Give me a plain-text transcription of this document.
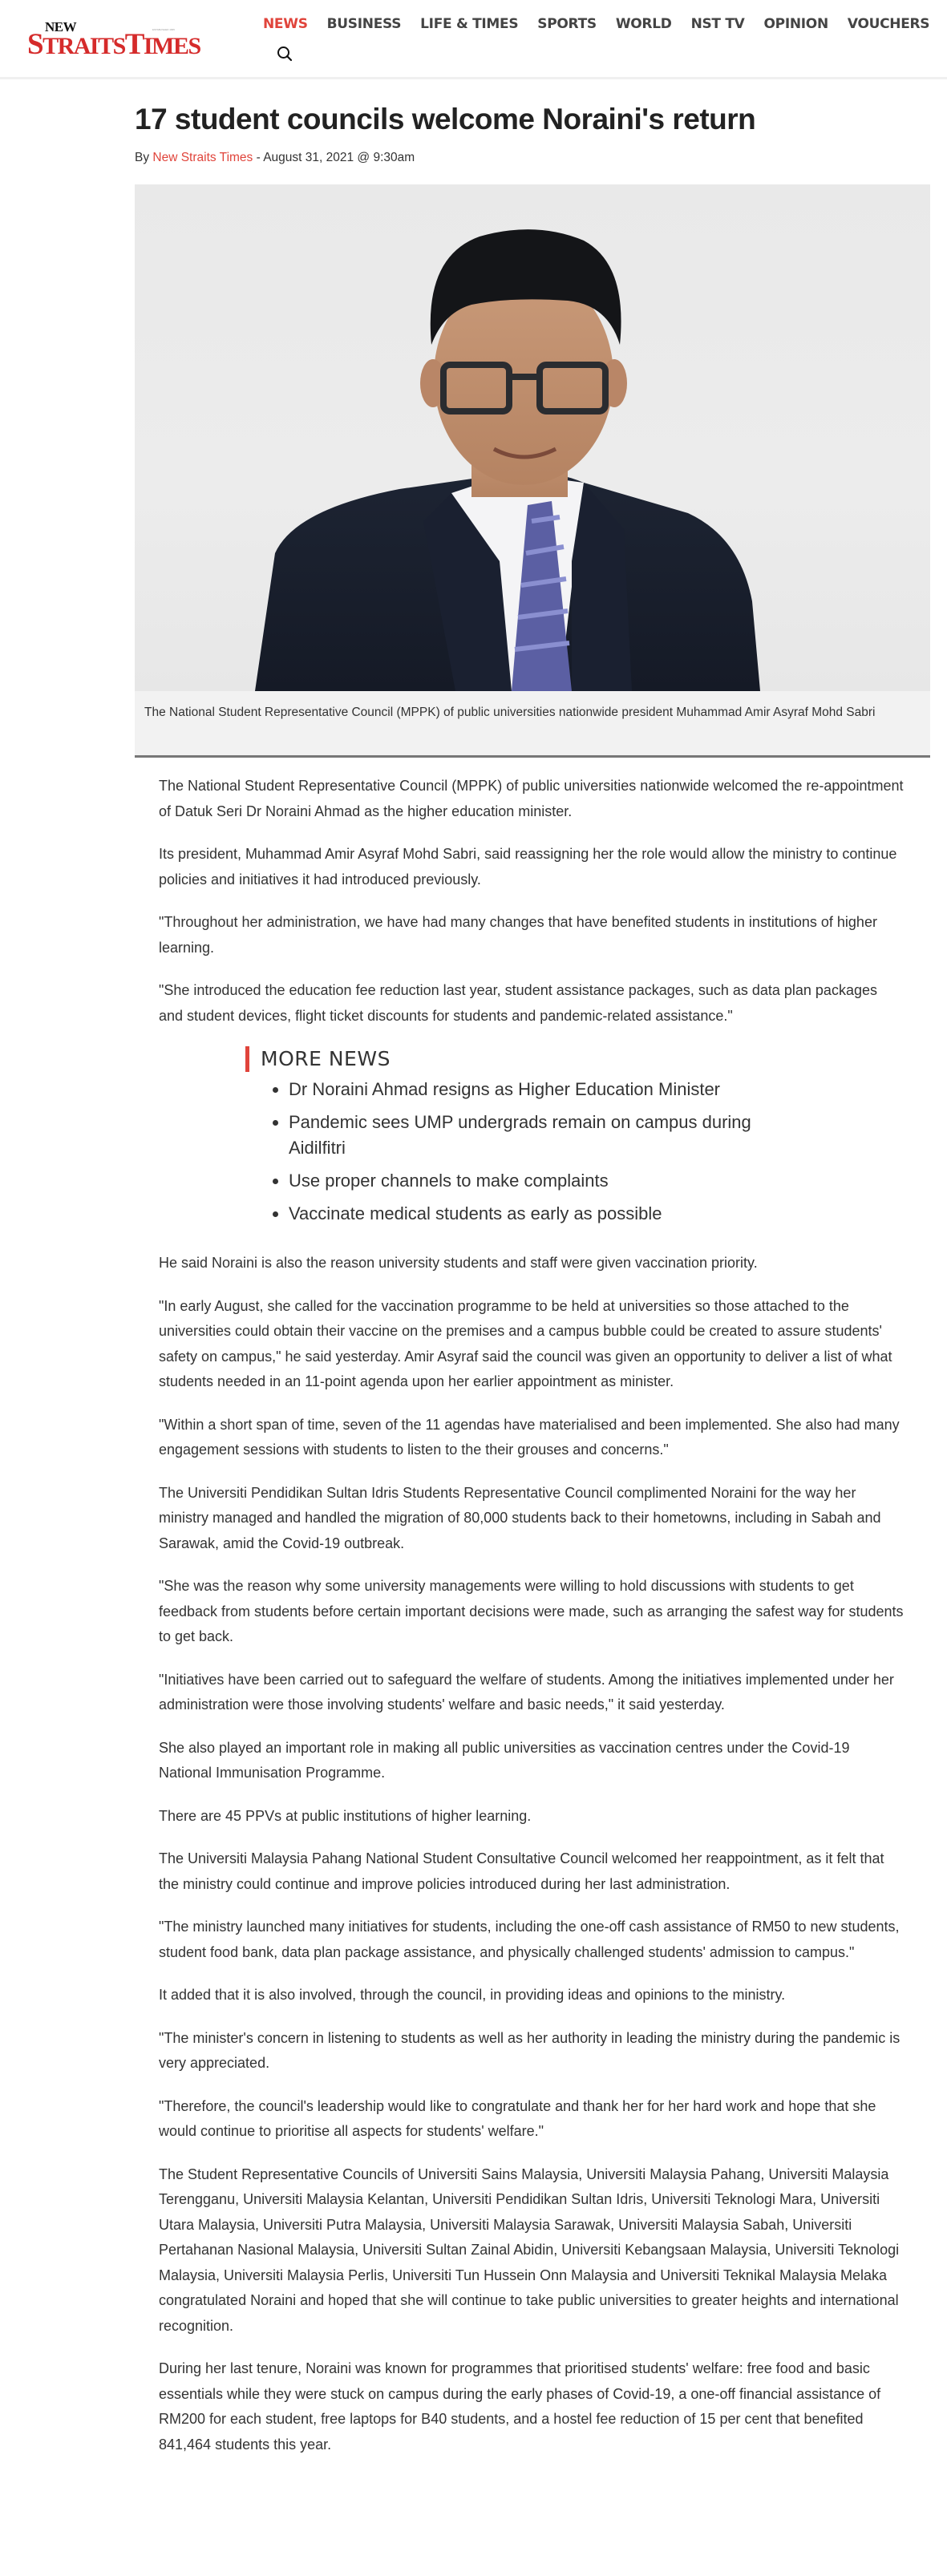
NEW
STRAITSTIMES
ESTABLISHED 1845	NEWS BUSINESS LIFE & TIMES SPORTS WORLD NST TV OPINION VOUCHERS
17 student councils welcome Noraini's return
By New Straits Times - August 31, 2021 @ 9:30am

The National Student Representative Council (MPPK) of public universities nationwide president Muhammad Amir Asyraf Mohd Sabri

The National Student Representative Council (MPPK) of public universities nationwide welcomed the re-appointment of Datuk Seri Dr Noraini Ahmad as the higher education minister.

Its president, Muhammad Amir Asyraf Mohd Sabri, said reassigning her the role would allow the ministry to continue policies and initiatives it had introduced previously.

"Throughout her administration, we have had many changes that have benefited students in institutions of higher learning.

"She introduced the education fee reduction last year, student assistance packages, such as data plan packages and student devices, flight ticket discounts for students and pandemic-related assistance."

MORE NEWS
• Dr Noraini Ahmad resigns as Higher Education Minister
• Pandemic sees UMP undergrads remain on campus during Aidilfitri
• Use proper channels to make complaints
• Vaccinate medical students as early as possible

He said Noraini is also the reason university students and staff were given vaccination priority.

"In early August, she called for the vaccination programme to be held at universities so those attached to the universities could obtain their vaccine on the premises and a campus bubble could be created to assure students' safety on campus," he said yesterday. Amir Asyraf said the council was given an opportunity to deliver a list of what students needed in an 11-point agenda upon her earlier appointment as minister.

"Within a short span of time, seven of the 11 agendas have materialised and been implemented. She also had many engagement sessions with students to listen to the their grouses and concerns."

The Universiti Pendidikan Sultan Idris Students Representative Council complimented Noraini for the way her ministry managed and handled the migration of 80,000 students back to their hometowns, including in Sabah and Sarawak, amid the Covid-19 outbreak.

"She was the reason why some university managements were willing to hold discussions with students to get feedback from students before certain important decisions were made, such as arranging the safest way for students to get back.

"Initiatives have been carried out to safeguard the welfare of students. Among the initiatives implemented under her administration were those involving students' welfare and basic needs," it said yesterday.

She also played an important role in making all public universities as vaccination centres under the Covid-19 National Immunisation Programme.

There are 45 PPVs at public institutions of higher learning.

The Universiti Malaysia Pahang National Student Consultative Council welcomed her reappointment, as it felt that the ministry could continue and improve policies introduced during her last administration.

"The ministry launched many initiatives for students, including the one-off cash assistance of RM50 to new students, student food bank, data plan package assistance, and physically challenged students' admission to campus."

It added that it is also involved, through the council, in providing ideas and opinions to the ministry.

"The minister's concern in listening to students as well as her authority in leading the ministry during the pandemic is very appreciated.

"Therefore, the council's leadership would like to congratulate and thank her for her hard work and hope that she would continue to prioritise all aspects for students' welfare."

The Student Representative Councils of Universiti Sains Malaysia, Universiti Malaysia Pahang, Universiti Malaysia Terengganu, Universiti Malaysia Kelantan, Universiti Pendidikan Sultan Idris, Universiti Teknologi Mara, Universiti Utara Malaysia, Universiti Putra Malaysia, Universiti Malaysia Sarawak, Universiti Malaysia Sabah, Universiti Pertahanan Nasional Malaysia, Universiti Sultan Zainal Abidin, Universiti Kebangsaan Malaysia, Universiti Teknologi Malaysia, Universiti Malaysia Perlis, Universiti Tun Hussein Onn Malaysia and Universiti Teknikal Malaysia Melaka congratulated Noraini and hoped that she will continue to take public universities to greater heights and international recognition.

During her last tenure, Noraini was known for programmes that prioritised students' welfare: free food and basic essentials while they were stuck on campus during the early phases of Covid-19, a one-off financial assistance of RM200 for each student, free laptops for B40 students, and a hostel fee reduction of 15 per cent that benefited 841,464 students this year.
